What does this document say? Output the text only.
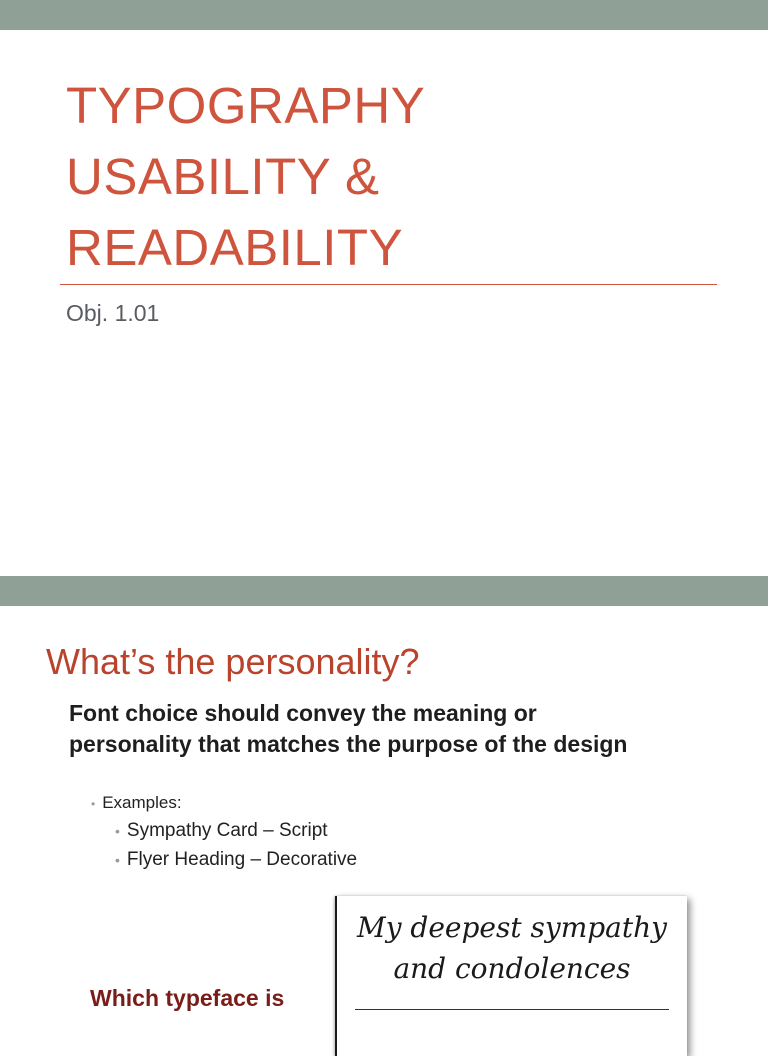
TYPOGRAPHY
USABILITY &
READABILITY
Obj. 1.01
What’s the personality?
Font choice should convey the meaning or personality that matches the purpose of the design
• Examples:
• Sympathy Card – Script
• Flyer Heading – Decorative
My deepest sympathy
and condolences
Which typeface is
